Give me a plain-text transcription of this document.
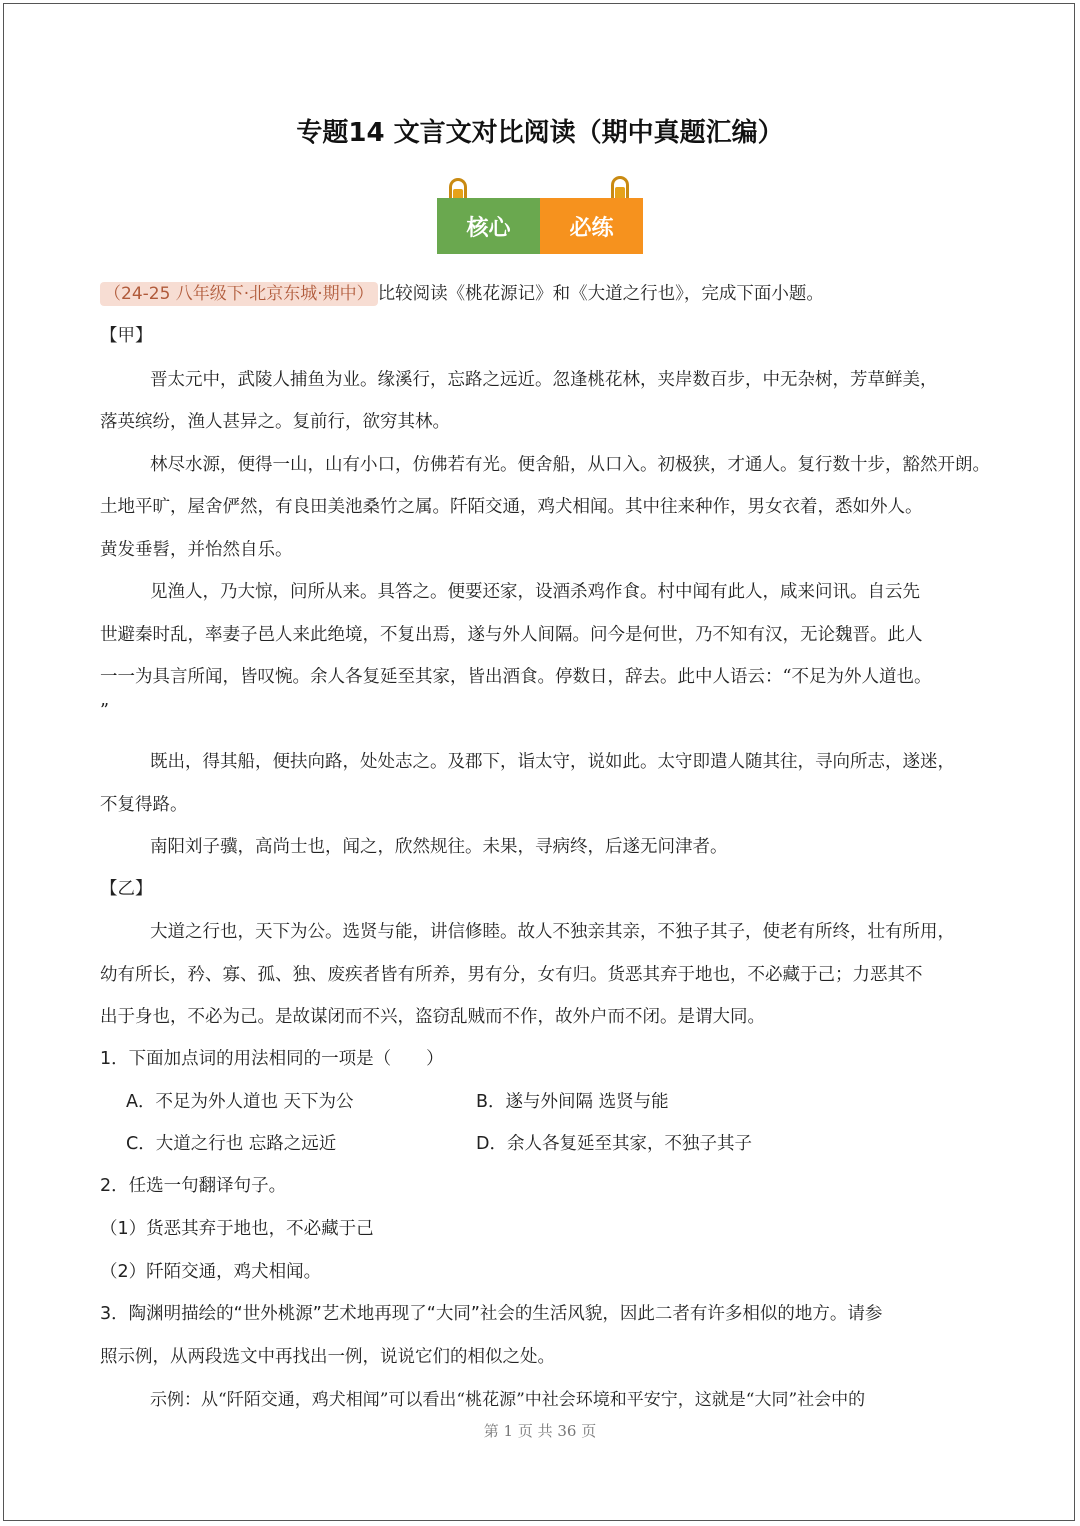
专题14 文言文对比阅读（期中真题汇编）
核心	必练
（24-25 八年级下·北京东城·期中） 比较阅读《桃花源记》和《大道之行也》，完成下面小题。
【甲】
晋太元中，武陵人捕鱼为业。缘溪行，忘路之远近。忽逢桃花林，夹岸数百步，中无杂树，芳草鲜美，
落英缤纷，渔人甚异之。复前行，欲穷其林。
林尽水源，便得一山，山有小口，仿佛若有光。便舍船，从口入。初极狭，才通人。复行数十步，豁然开朗。
土地平旷，屋舍俨然，有良田美池桑竹之属。阡陌交通，鸡犬相闻。其中往来种作，男女衣着，悉如外人。
黄发垂髫，并怡然自乐。
见渔人，乃大惊，问所从来。具答之。便要还家，设酒杀鸡作食。村中闻有此人，咸来问讯。自云先
世避秦时乱，率妻子邑人来此绝境，不复出焉，遂与外人间隔。问今是何世，乃不知有汉，无论魏晋。此人
一一为具言所闻，皆叹惋。余人各复延至其家，皆出酒食。停数日，辞去。此中人语云：“不足为外人道也。
”
既出，得其船，便扶向路，处处志之。及郡下，诣太守，说如此。太守即遣人随其往，寻向所志，遂迷，
不复得路。
南阳刘子骥，高尚士也，闻之，欣然规往。未果，寻病终，后遂无问津者。
【乙】
大道之行也，天下为公。选贤与能，讲信修睦。故人不独亲其亲，不独子其子，使老有所终，壮有所用，
幼有所长，矜、寡、孤、独、废疾者皆有所养，男有分，女有归。货恶其弃于地也，不必藏于己；力恶其不
出于身也，不必为己。是故谋闭而不兴，盗窃乱贼而不作，故外户而不闭。是谓大同。
1．下面加点词的用法相同的一项是（　　）
A．不足为外人道也 天下为公	B．遂与外间隔 选贤与能
C．大道之行也 忘路之远近	D．余人各复延至其家，不独子其子
2．任选一句翻译句子。
（1）货恶其弃于地也，不必藏于己
（2）阡陌交通，鸡犬相闻。
3．陶渊明描绘的“世外桃源”艺术地再现了“大同”社会的生活风貌，因此二者有许多相似的地方。请参
照示例，从两段选文中再找出一例，说说它们的相似之处。
示例：从“阡陌交通，鸡犬相闻”可以看出“桃花源”中社会环境和平安宁，这就是“大同”社会中的
第 1 页 共 36 页
